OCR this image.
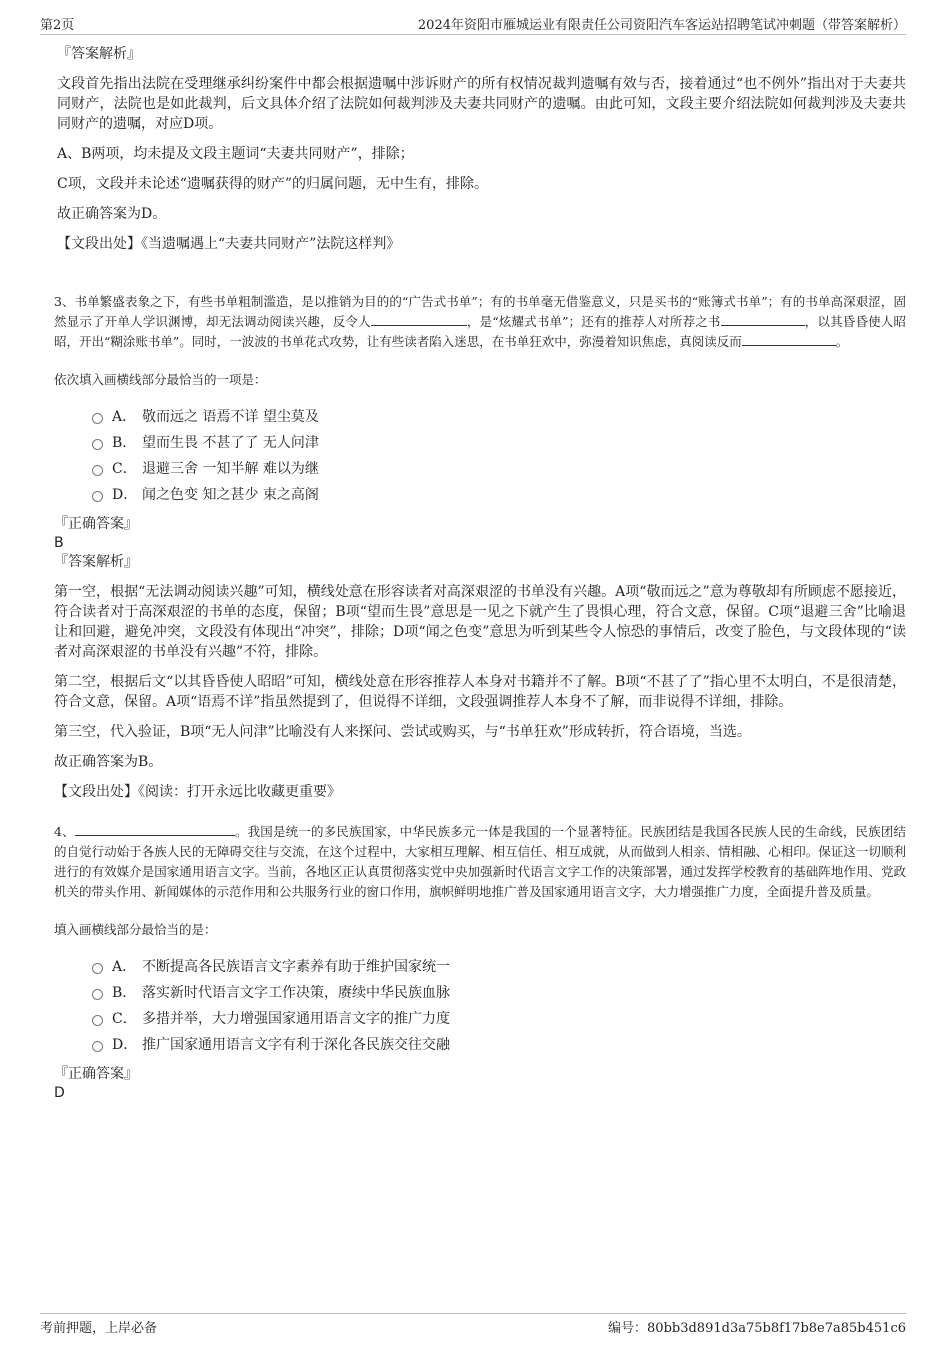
第2页	2024年资阳市雁城运业有限责任公司资阳汽车客运站招聘笔试冲刺题（带答案解析）

『答案解析』

文段首先指出法院在受理继承纠纷案件中都会根据遗嘱中涉诉财产的所有权情况裁判遗嘱有效与否，接着通过“也不例外”指出对于夫妻共同财产，法院也是如此裁判，后文具体介绍了法院如何裁判涉及夫妻共同财产的遗嘱。由此可知，文段主要介绍法院如何裁判涉及夫妻共同财产的遗嘱，对应D项。

A、B两项，均未提及文段主题词“夫妻共同财产”，排除；

C项，文段并未论述“遗嘱获得的财产”的归属问题，无中生有，排除。

故正确答案为D。

【文段出处】《当遗嘱遇上“夫妻共同财产”法院这样判》

3、书单繁盛表象之下，有些书单粗制滥造，是以推销为目的的“广告式书单”；有的书单毫无借鉴意义，只是买书的“账簿式书单”；有的书单高深艰涩，固然显示了开单人学识渊博，却无法调动阅读兴趣，反令人	，是“炫耀式书单”；还有的推荐人对所荐之书	，以其昏昏使人昭昭，开出“糊涂账书单”。同时，一波波的书单花式攻势，让有些读者陷入迷思，在书单狂欢中，弥漫着知识焦虑，真阅读反而	。

依次填入画横线部分最恰当的一项是：

A． 敬而远之 语焉不详 望尘莫及
B． 望而生畏 不甚了了 无人问津
C． 退避三舍 一知半解 难以为继
D． 闻之色变 知之甚少 束之高阁

『正确答案』

B

『答案解析』

第一空，根据“无法调动阅读兴趣”可知，横线处意在形容读者对高深艰涩的书单没有兴趣。A项“敬而远之”意为尊敬却有所顾虑不愿接近，符合读者对于高深艰涩的书单的态度，保留；B项“望而生畏”意思是一见之下就产生了畏惧心理，符合文意，保留。C项“退避三舍”比喻退让和回避，避免冲突，文段没有体现出“冲突”，排除；D项“闻之色变”意思为听到某些令人惊恐的事情后，改变了脸色，与文段体现的“读者对高深艰涩的书单没有兴趣”不符，排除。

第二空，根据后文“以其昏昏使人昭昭”可知，横线处意在形容推荐人本身对书籍并不了解。B项“不甚了了”指心里不太明白，不是很清楚，符合文意，保留。A项“语焉不详”指虽然提到了，但说得不详细，文段强调推荐人本身不了解，而非说得不详细，排除。

第三空，代入验证，B项“无人问津”比喻没有人来探问、尝试或购买，与“书单狂欢”形成转折，符合语境，当选。

故正确答案为B。

【文段出处】《阅读：打开永远比收藏更重要》

4、	。我国是统一的多民族国家，中华民族多元一体是我国的一个显著特征。民族团结是我国各民族人民的生命线，民族团结的自觉行动始于各族人民的无障碍交往与交流，在这个过程中，大家相互理解、相互信任、相互成就，从而做到人相亲、情相融、心相印。保证这一切顺利进行的有效媒介是国家通用语言文字。当前，各地区正认真贯彻落实党中央加强新时代语言文字工作的决策部署，通过发挥学校教育的基础阵地作用、党政机关的带头作用、新闻媒体的示范作用和公共服务行业的窗口作用，旗帜鲜明地推广普及国家通用语言文字，大力增强推广力度，全面提升普及质量。

填入画横线部分最恰当的是：

A． 不断提高各民族语言文字素养有助于维护国家统一
B． 落实新时代语言文字工作决策，赓续中华民族血脉
C． 多措并举，大力增强国家通用语言文字的推广力度
D． 推广国家通用语言文字有利于深化各民族交往交融

『正确答案』

D

考前押题，上岸必备	编号：80bb3d891d3a75b8f17b8e7a85b451c6
